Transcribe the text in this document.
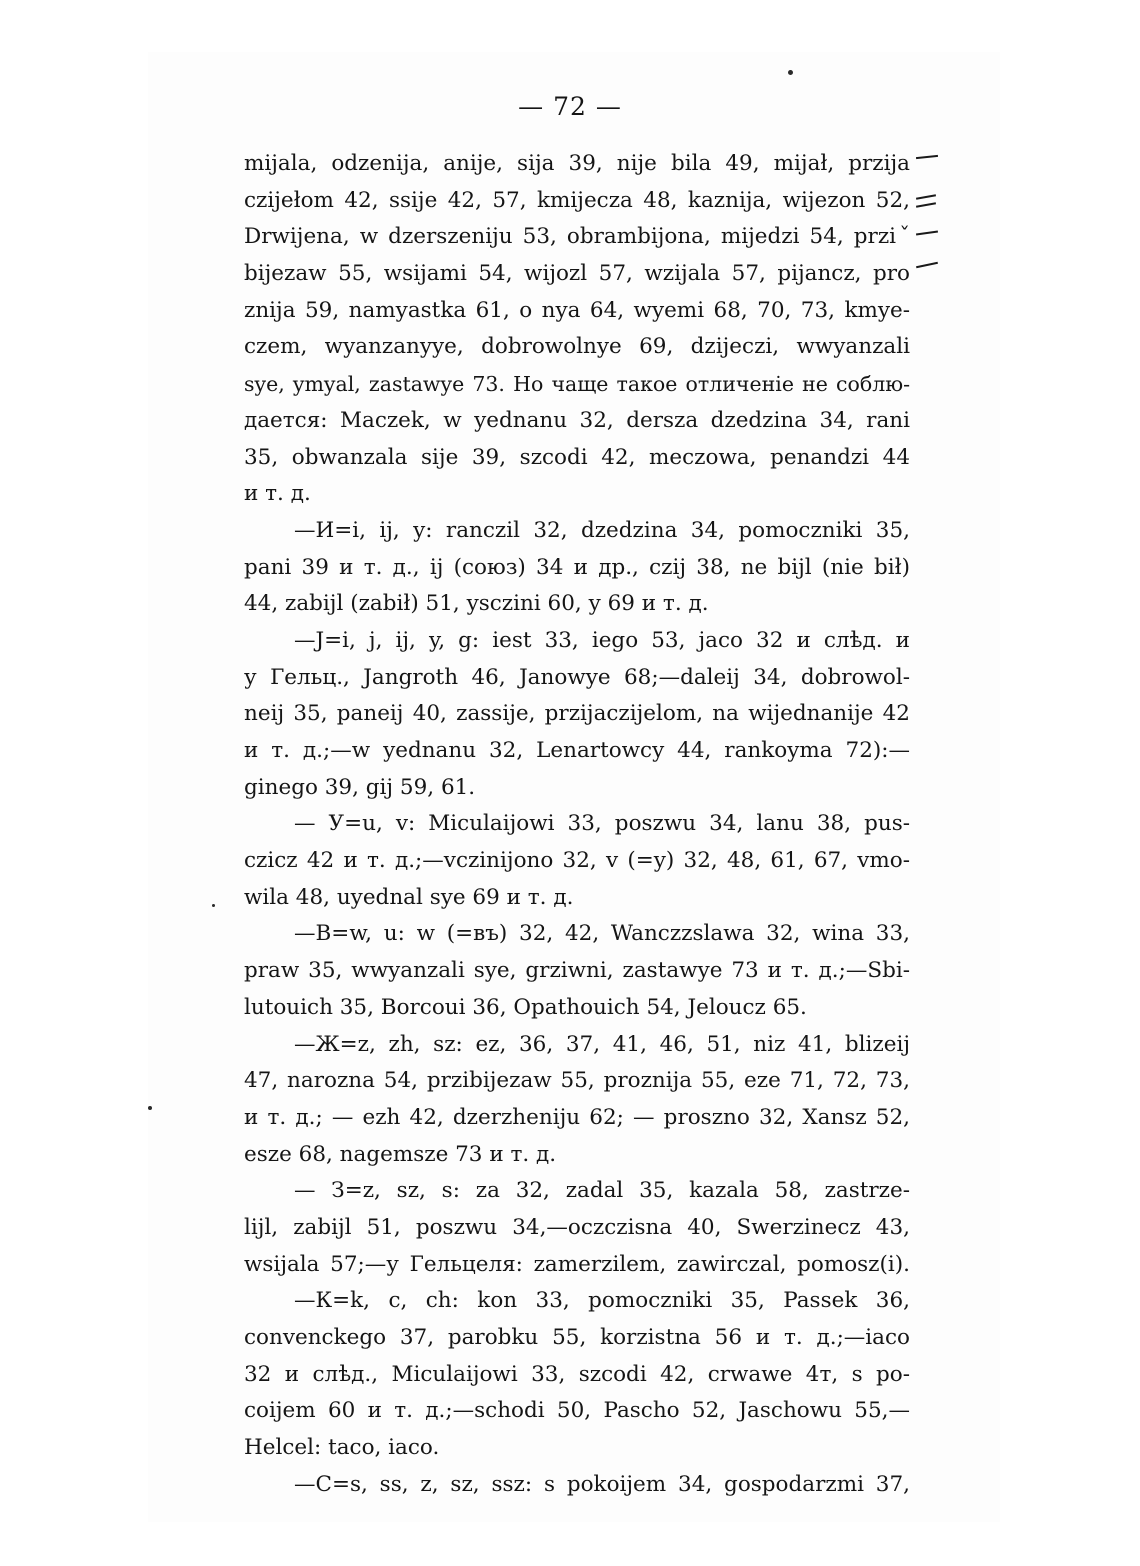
— 72 —
mijala, odzenija, anije, sija 39, nije bila 49, mijał, przija
czijełom 42, ssije 42, 57, kmijecza 48, kaznija, wijezon 52,
Drwijena, w dzerszeniju 53, obrambijona, mijedzi 54, prziˇ
bijezaw 55, wsijami 54, wijozl 57, wzijala 57, pijancz, pro
znija 59, namyastka 61, o nya 64, wyemi 68, 70, 73, kmye-
czem, wyanzanyye, dobrowolnye 69, dzijeczi, wwyanzali
sye, ymyal, zastawye 73. Но чаще такое отличеніе не соблю-
дается: Maczek, w yednanu 32, dersza dzedzina 34, rani
35, obwanzala sije 39, szcodi 42, meczowa, penandzi 44
и т. д.
—И=i, ij, y: ranczil 32, dzedzina 34, pomoczniki 35,
pani 39 и т. д., ij (союз) 34 и др., czij 38, ne bijl (nie bił)
44, zabijl (zabił) 51, ysczini 60, y 69 и т. д.
—J=i, j, ij, y, g: iest 33, iego 53, jaco 32 и слѣд. и
у Гельц., Jangroth 46, Janowye 68;—daleij 34, dobrowol-
neij 35, paneij 40, zassije, przijaczijelom, na wijednanije 42
и т. д.;—w yednanu 32, Lenartowcy 44, rankoyma 72):—
ginego 39, gij 59, 61.
— У=u, v: Miculaijowi 33, poszwu 34, lanu 38, pus-
czicz 42 и т. д.;—vczinijono 32, v (=y) 32, 48, 61, 67, vmo-
wila 48, uyednal sye 69 и т. д.
—В=w, u: w (=въ) 32, 42, Wanczzslawa 32, wina 33,
praw 35, wwyanzali sye, grziwni, zastawye 73 и т. д.;—Sbi-
lutouich 35, Borcoui 36, Opathouich 54, Jeloucz 65.
—Ж=z, zh, sz: ez, 36, 37, 41, 46, 51, niz 41, blizeij
47, narozna 54, przibijezaw 55, proznija 55, eze 71, 72, 73,
и т. д.; — ezh 42, dzerzheniju 62; — proszno 32, Xansz 52,
esze 68, nagemsze 73 и т. д.
— З=z, sz, s: za 32, zadal 35, kazala 58, zastrze-
lijl, zabijl 51, poszwu 34,—oczczisna 40, Swerzinecz 43,
wsijala 57;—у Гельцеля: zamerzilem, zawirczal, pomosz(i).
—К=k, c, ch: kon 33, pomoczniki 35, Passek 36,
convenckego 37, parobku 55, korzistna 56 и т. д.;—iaco
32 и слѣд., Miculaijowi 33, szcodi 42, crwawe 4т, s po-
coijem 60 и т. д.;—schodi 50, Pascho 52, Jaschowu 55,—
Helcel: taco, iaco.
—С=s, ss, z, sz, ssz: s pokoijem 34, gospodarzmi 37,
